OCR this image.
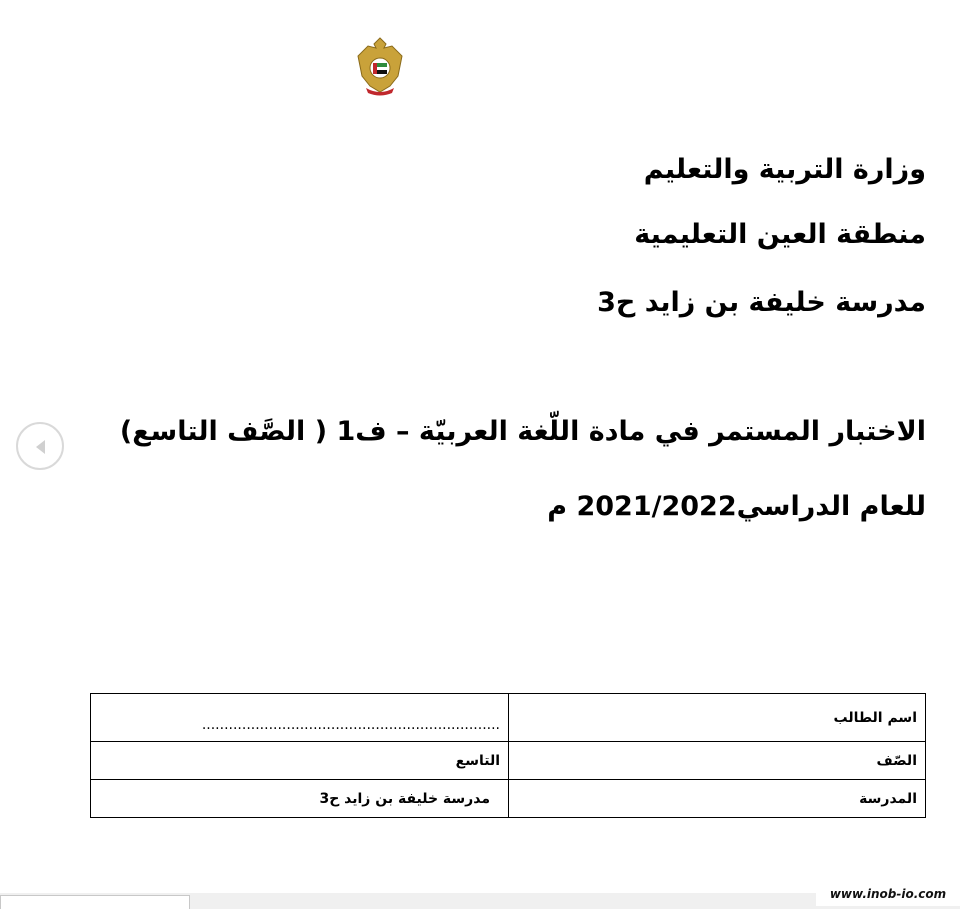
وزارة التربية والتعليم
منطقة العين التعليمية
مدرسة خليفة بن زايد ح3
الاختبار المستمر في مادة اللّغة العربيّة – ف1 ( الصَّف التاسع)
للعام الدراسي2021/2022 م
اسم الطالب	...................................................................

الصّف	التاسع
المدرسة	مدرسة خليفة بن زايد ح3
www.inob-io.com
